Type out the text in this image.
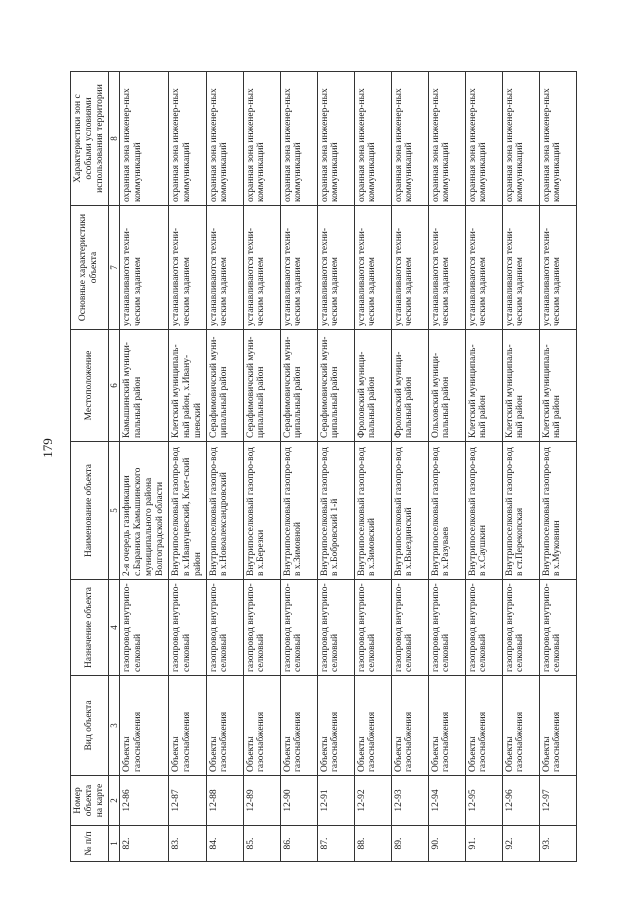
179
№ п/п	Номер объекта на карте	Вид объекта	Назначение объекта	Наименование объекта	Местоположение	Основные характеристики объекта	Характеристики зон с особыми условиями использования территории
1	2	3	4	5	6	7	8
82.	12-86	Объекты газоснабжения	газопровод внутрипо-селковый	2-я очередь газификации с.Бараниха Камышинского муниципального района Волгоградской области	Камышинский муници-пальный район	устанавливаются техни-ческим заданием	охранная зона инженер-ных коммуникаций
83.	12-87	Объекты газоснабжения	газопровод внутрипо-селковый	Внутрипоселковый газопро-вод в х.Ивануцевский, Клет-ский район	Клетский муниципаль-ный район, х.Ивану-шевский	устанавливаются техни-ческим заданием	охранная зона инженер-ных коммуникаций
84.	12-88	Объекты газоснабжения	газопровод внутрипо-селковый	Внутрипоселковый газопро-вод в х.Новоалександровский	Серафимовичский муни-ципальный район	устанавливаются техни-ческим заданием	охранная зона инженер-ных коммуникаций
85.	12-89	Объекты газоснабжения	газопровод внутрипо-селковый	Внутрипоселковый газопро-вод в х.Березки	Серафимовичский муни-ципальный район	устанавливаются техни-ческим заданием	охранная зона инженер-ных коммуникаций
86.	12-90	Объекты газоснабжения	газопровод внутрипо-селковый	Внутрипоселковый газопро-вод в х.Зимовной	Серафимовичский муни-ципальный район	устанавливаются техни-ческим заданием	охранная зона инженер-ных коммуникаций
87.	12-91	Объекты газоснабжения	газопровод внутрипо-селковый	Внутрипоселковый газопро-вод в х.Бобровский 1-й	Серафимовичский муни-ципальный район	устанавливаются техни-ческим заданием	охранная зона инженер-ных коммуникаций
88.	12-92	Объекты газоснабжения	газопровод внутрипо-селковый	Внутрипоселковый газопро-вод в х.Зимовский	Фроловский муници-пальный район	устанавливаются техни-ческим заданием	охранная зона инженер-ных коммуникаций
89.	12-93	Объекты газоснабжения	газопровод внутрипо-селковый	Внутрипоселковый газопро-вод в х.Выездинский	Фроловский муници-пальный район	устанавливаются техни-ческим заданием	охранная зона инженер-ных коммуникаций
90.	12-94	Объекты газоснабжения	газопровод внутрипо-селковый	Внутрипоселковый газопро-вод в х.Разуваев	Ольховский муници-пальный район	устанавливаются техни-ческим заданием	охранная зона инженер-ных коммуникаций
91.	12-95	Объекты газоснабжения	газопровод внутрипо-селковый	Внутрипоселковый газопро-вод в х.Саушкин	Клетский муниципаль-ный район	устанавливаются техни-ческим заданием	охранная зона инженер-ных коммуникаций
92.	12-96	Объекты газоснабжения	газопровод внутрипо-селковый	Внутрипоселковый газопро-вод в ст.Перекопская	Клетский муниципаль-ный район	устанавливаются техни-ческим заданием	охранная зона инженер-ных коммуникаций
93.	12-97	Объекты газоснабжения	газопровод внутрипо-селковый	Внутрипоселковый газопро-вод в х.Муковнин	Клетский муниципаль-ный район	устанавливаются техни-ческим заданием	охранная зона инженер-ных коммуникаций
